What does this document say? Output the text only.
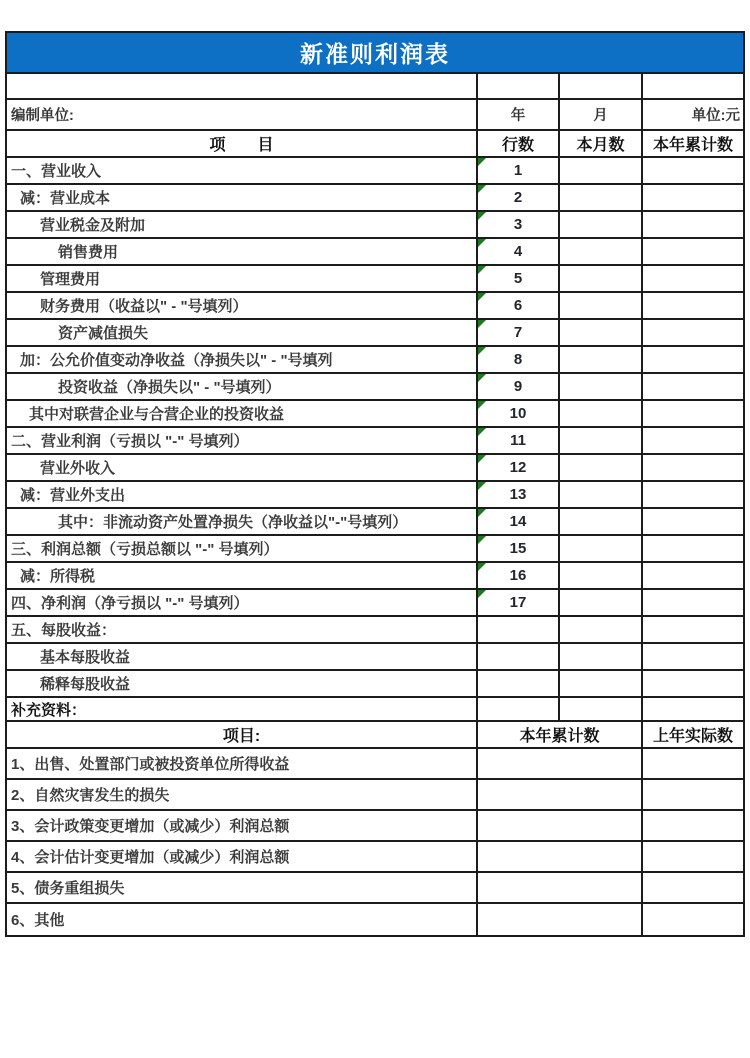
新准则利润表
编制单位:	年	月	单位:元
项　　目	行数	本月数	本年累计数
一、营业收入	1
减：营业成本	2
营业税金及附加	3
销售费用	4
管理费用	5
财务费用（收益以" - "号填列）	6
资产减值损失	7
加：公允价值变动净收益（净损失以" - "号填列	8
投资收益（净损失以" - "号填列）	9
其中对联营企业与合营企业的投资收益	10
二、营业利润（亏损以 "-" 号填列）	11
营业外收入	12
减：营业外支出	13
其中：非流动资产处置净损失（净收益以"-"号填列）	14
三、利润总额（亏损总额以 "-" 号填列）	15
减：所得税	16
四、净利润（净亏损以 "-" 号填列）	17
五、每股收益：
基本每股收益
稀释每股收益
补充资料：
项目:	本年累计数	上年实际数
1、出售、处置部门或被投资单位所得收益
2、自然灾害发生的损失
3、会计政策变更增加（或减少）利润总额
4、会计估计变更增加（或减少）利润总额
5、债务重组损失
6、其他
